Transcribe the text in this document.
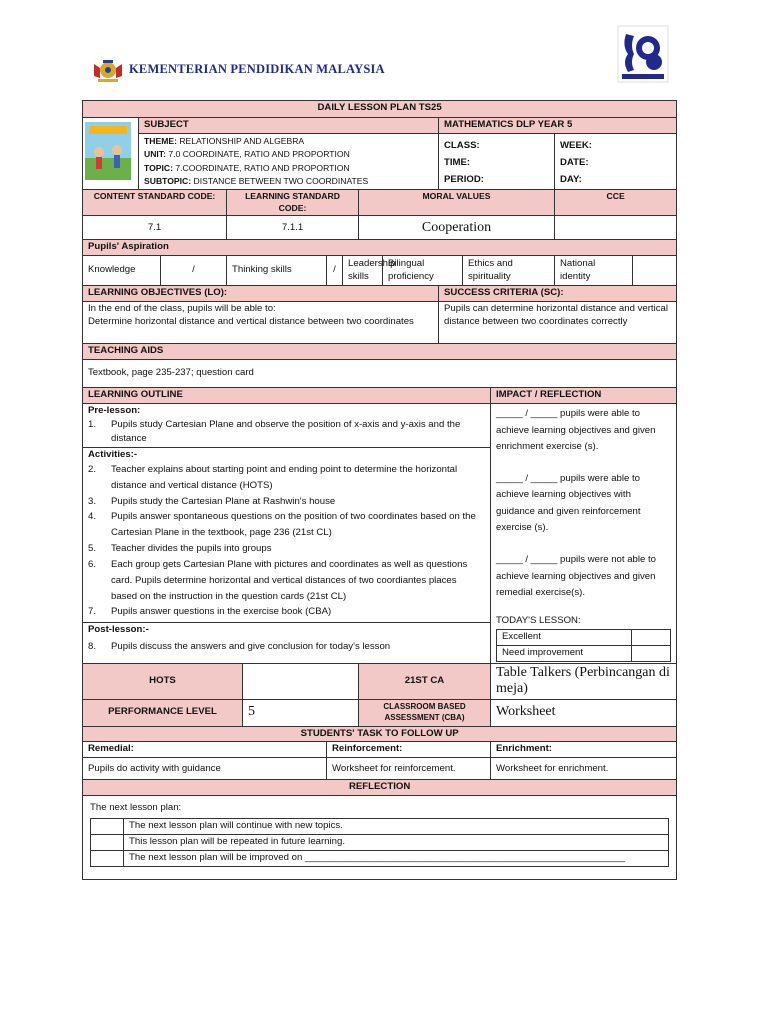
KEMENTERIAN PENDIDIKAN MALAYSIA
DAILY LESSON PLAN TS25
	SUBJECT	MATHEMATICS DLP YEAR 5
THEME: RELATIONSHIP AND ALGEBRA
UNIT: 7.0 COORDINATE, RATIO AND PROPORTION
TOPIC: 7.COORDINATE, RATIO AND PROPORTION
SUBTOPIC: DISTANCE BETWEEN TWO COORDINATES	
CLASS:
TIME:
PERIOD:

WEEK:
DATE:
DAY:

CONTENT STANDARD CODE:	LEARNING STANDARD CODE:	MORAL VALUES	CCE
7.1	7.1.1	Cooperation	
Pupils' Aspiration
Knowledge	/	Thinking skills	/	Leadership skills	Bilingual proficiency	Ethics and spirituality	National identity	
LEARNING OBJECTIVES (LO):	SUCCESS CRITERIA (SC):

In the end of the class, pupils will be able to:
Determine horizontal distance and vertical distance between two coordinates
	Pupils can determine horizontal distance and vertical distance between two coordinates correctly
TEACHING AIDS
Textbook, page 235-237; question card
LEARNING OUTLINE	IMPACT / REFLECTION

Pre-lesson:
1. Pupils study Cartesian Plane and observe the position of x-axis and y-axis and the distance
Activities:-
2. Teacher explains about starting point and ending point to determine the horizontal distance and vertical distance (HOTS)
3. Pupils study the Cartesian Plane at Rashwin's house
4. Pupils answer spontaneous questions on the position of two coordinates based on the Cartesian Plane in the textbook, page 236 (21st CL)
5. Teacher divides the pupils into groups
6. Each group gets Cartesian Plane with pictures and coordinates as well as questions card. Pupils determine horizontal and vertical distances of two coordiantes places based on the instruction in the question cards (21st CL)
7. Pupils answer questions in the exercise book (CBA)
Post-lesson:-
8. Pupils discuss the answers and give conclusion for today's lesson

_____ / _____ pupils were able to achieve learning objectives and given enrichment exercise (s).
_____ / _____ pupils were able to achieve learning objectives with guidance and given reinforcement exercise (s).
_____ / _____ pupils were not able to achieve learning objectives and given remedial exercise(s).
TODAY'S LESSON:
Excellent	
Need improvement	

HOTS		21ST CA	Table Talkers (Perbincangan di meja)
PERFORMANCE LEVEL	5	CLASSROOM BASED ASSESSMENT (CBA)	Worksheet
STUDENTS' TASK TO FOLLOW UP
Remedial:	Reinforcement:	Enrichment:
Pupils do activity with guidance	Worksheet for reinforcement.	Worksheet for enrichment.
REFLECTION

The next lesson plan:
	The next lesson plan will continue with new topics.
	This lesson plan will be repeated in future learning.
	The next lesson plan will be improved on ____________________________________________________________
